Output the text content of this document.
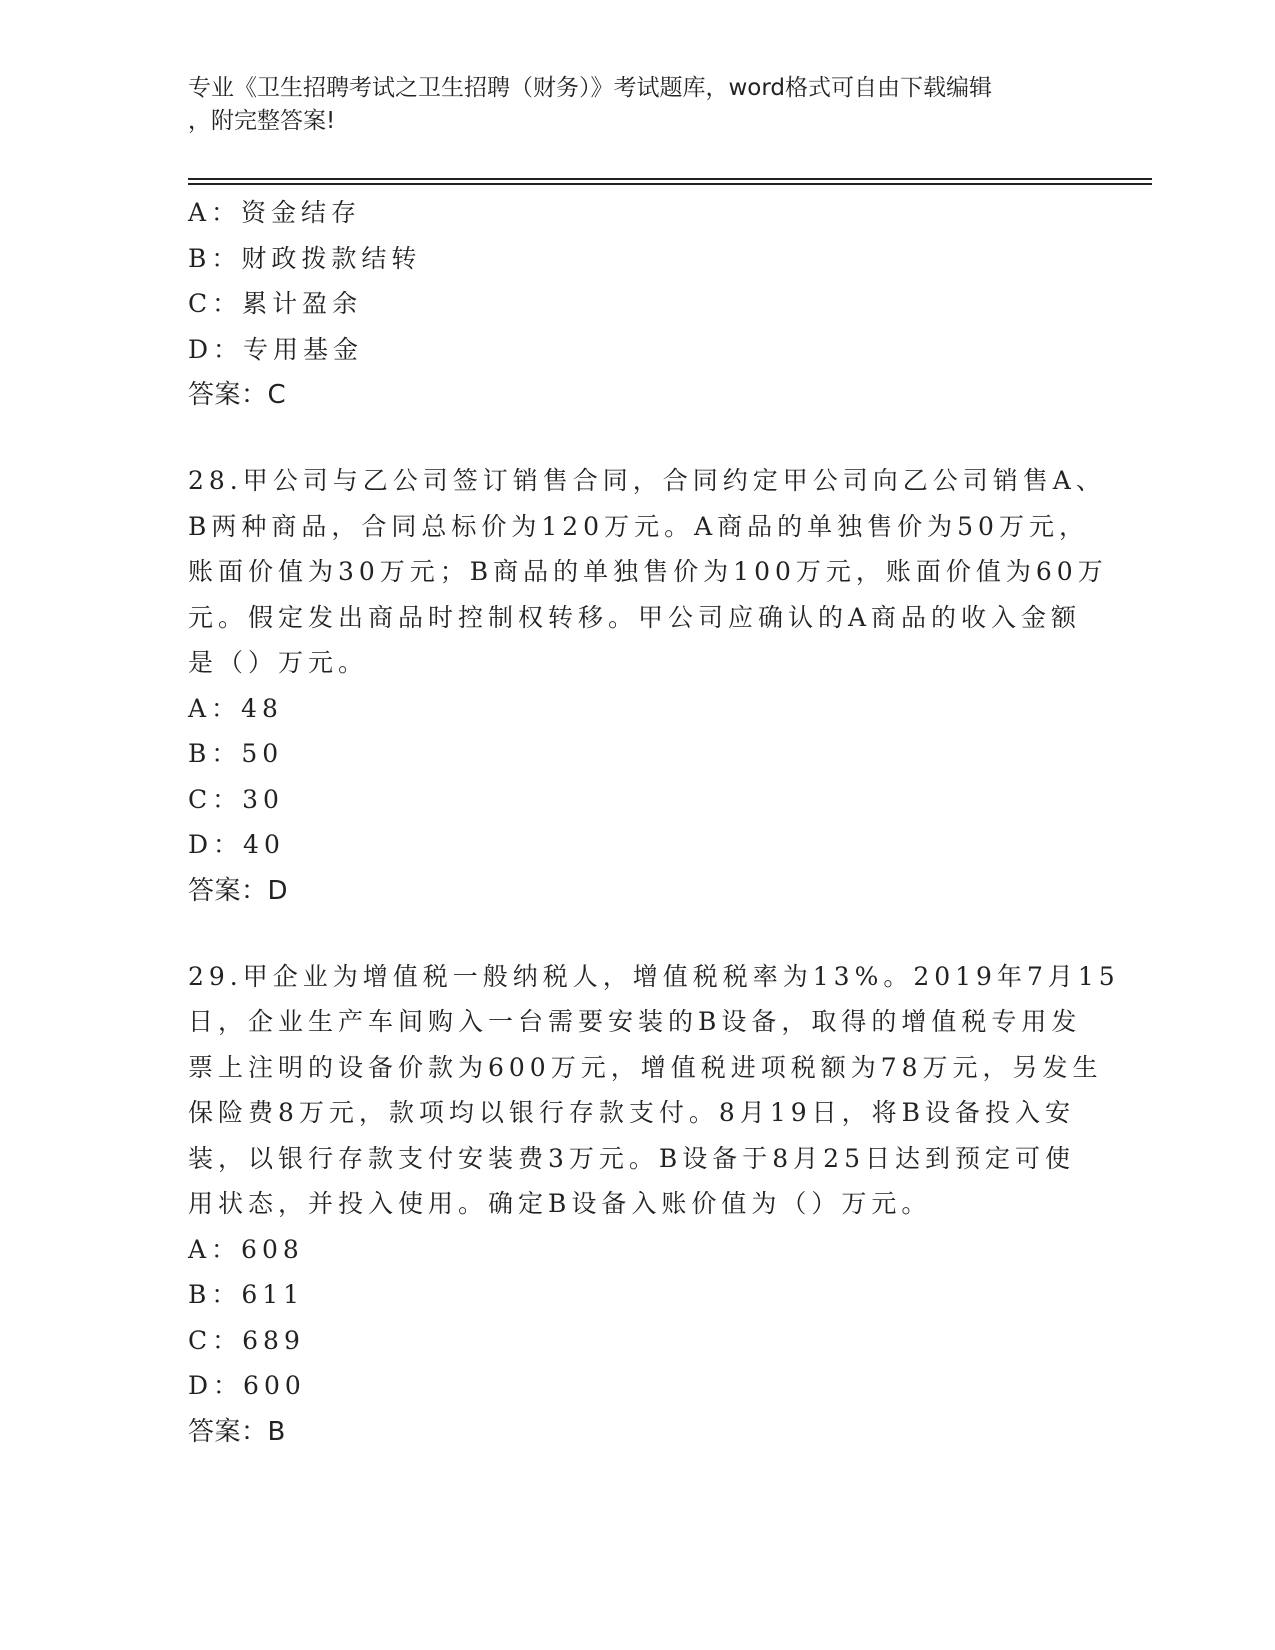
专业《卫生招聘考试之卫生招聘（财务）》考试题库，word格式可自由下载编辑

，附完整答案!

A：资金结存
B：财政拨款结转
C：累计盈余
D：专用基金
答案：C
28.甲公司与乙公司签订销售合同，合同约定甲公司向乙公司销售A、
B两种商品，合同总标价为120万元。A商品的单独售价为50万元，
账面价值为30万元；B商品的单独售价为100万元，账面价值为60万
元。假定发出商品时控制权转移。甲公司应确认的A商品的收入金额
是（）万元。
A：48
B：50
C：30
D：40
答案：D
29.甲企业为增值税一般纳税人，增值税税率为13%。2019年7月15
日，企业生产车间购入一台需要安装的B设备，取得的增值税专用发
票上注明的设备价款为600万元，增值税进项税额为78万元，另发生
保险费8万元，款项均以银行存款支付。8月19日，将B设备投入安
装，以银行存款支付安装费3万元。B设备于8月25日达到预定可使
用状态，并投入使用。确定B设备入账价值为（）万元。
A：608
B：611
C：689
D：600
答案：B
